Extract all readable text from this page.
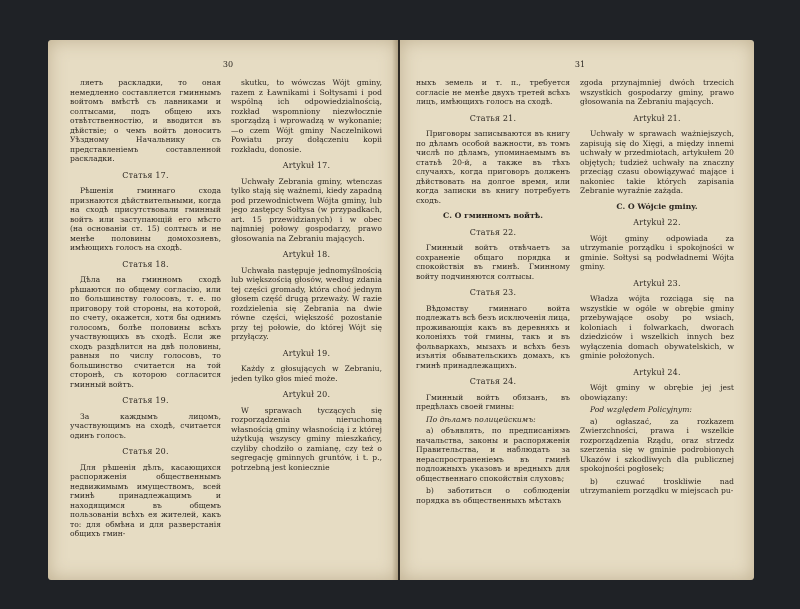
30

ляетъ раскладки, то оная немедленно составляется гминнымъ войтомъ вмѣстѣ съ лавниками и солтысами, подъ общею ихъ отвѣтственностію, и вводится въ дѣйствіе; о чемъ войтъ доноситъ Уѣздному Начальнику съ представленіемъ составленной раскладки.

Статья 17.

Рѣшенія гминнаго схода признаются дѣйствительными, когда на сходѣ присутствовали гминный войтъ или заступающій его мѣсто (на основаніи ст. 15) солтысъ и не менѣе половины домохозяевъ, имѣющихъ голосъ на сходѣ.

Статья 18.

Дѣла на гминномъ сходѣ рѣшаются по общему согласію, или по большинству голосовъ, т. е. по приговору той стороны, на которой, по счету, окажется, хотя бы однимъ голосомъ, болѣе половины всѣхъ участвующихъ въ сходѣ. Если же сходъ раздѣлится на двѣ половины, равныя по числу голосовъ, то большинство считается на той сторонѣ, съ которою согласится гминный войтъ.

Статья 19.

За каждымъ лицомъ, участвующимъ на сходѣ, считается одинъ голосъ.

Статья 20.

Для рѣшенія дѣлъ, касающихся распоряженія общественнымъ недвижимымъ имуществомъ, всей гминѣ принадлежащимъ и находящимся въ общемъ пользованіи всѣхъ ея жителей, какъ то: для обмѣна и для разверстанія общихъ гмин-

skutku, to wówczas Wójt gminy, razem z Ławnikami i Sołtysami i pod wspólną ich odpowiedzialnością, rozkład wspomniony niezwłocznie sporządzą i wprowadzą w wykonanie;—o czem Wójt gminy Naczelnikowi Powiatu przy dołączeniu kopii rozkładu, donosie.

Artykuł 17.

Uchwały Zebrania gminy, wtenczas tylko stają się ważnemi, kiedy zapadną pod przewodnictwem Wójta gminy, lub jego zastępcy Sołtysa (w przypadkach, art. 15 przewidzianych) i w obec najmniej połowy gospodarzy, prawo głosowania na Zebraniu mających.

Artykuł 18.

Uchwała następuje jednomyślnością lub większością głosów, według zdania tej części gromady, która choć jednym głosem część drugą przeważy. W razie rozdzielenia się Zebrania na dwie równe części, większość pozostanie przy tej połowie, do której Wójt się przyłączy.

Artykuł 19.

Każdy z głosujących w Zebraniu, jeden tylko głos mieć może.

Artykuł 20.

W sprawach tyczących się rozporządzenia nieruchomą własnością gminy własnością i z której użytkują wszyscy gminy mieszkańcy, czyliby chodziło o zamianę, czy też o segregację gminnych gruntów, i t. p., potrzebną jest koniecznie

31

ныхъ земель и т. п., требуется согласіе не менѣе двухъ третей всѣхъ лицъ, имѣющихъ голосъ на сходѣ.

Статья 21.

Приговоры записываются въ книгу по дѣламъ особой важности, въ томъ числѣ по дѣламъ, упоминаемымъ въ статьѣ 20-й, а также въ тѣхъ случаяхъ, когда приговоръ долженъ дѣйствовать на долгое время, или когда записки въ книгу потребуетъ сходъ.

С. О гминномъ войтѣ.
Статья 22.

Гминный войтъ отвѣчаетъ за сохраненіе общаго порядка и спокойствія въ гминѣ. Гминному войту подчиняются солтысы.

Статья 23.

Вѣдомству гминнаго войта подлежатъ всѣ безъ исключенія лица, проживающія какъ въ деревняхъ и колоніяхъ той гмины, такъ и въ фольваркахъ, мызахъ и всѣхъ безъ изъятія обывательскихъ домахъ, къ гминѣ принадлежащихъ.

Статья 24.

Гминный войтъ обязанъ, въ предѣлахъ своей гмины:

По дѣламъ полицейскимъ:

а) объявлять, по предписаніямъ начальства, законы и распоряженія Правительства, и наблюдать за нераспространеніемъ въ гминѣ подложныхъ указовъ и вредныхъ для общественнаго спокойствія слуховъ;

b) заботиться о соблюденіи порядка въ общественныхъ мѣстахъ

zgoda przynajmniej dwóch trzecich wszystkich gospodarzy gminy, prawo głosowania na Zebraniu mających.

Artykuł 21.

Uchwały w sprawach ważniejszych, zapisują się do Xięgi, a między innemi uchwały w przedmiotach, artykułem 20 objętych; tudzież uchwały na znaczny przeciąg czasu obowiązywać mające i nakoniec takie których zapisania Zebranie wyraźnie zażąda.

C. O Wójcie gminy.
Artykuł 22.

Wójt gminy odpowiada za utrzymanie porządku i spokojności w gminie. Sołtysi są podwładnemi Wójta gminy.

Artykuł 23.

Władza wójta rozciąga się na wszystkie w ogóle w obrębie gminy przebywające osoby po wsiach, koloniach i folwarkach, dworach dziedziców i wszelkich innych bez wyłączenia domach obywatelskich, w gminie położonych.

Artykuł 24.

Wójt gminy w obrębie jej jest obowiązany:

Pod względem Policyjnym:

a) ogłaszać, za rozkazem Zwierzchności, prawa i wszelkie rozporządzenia Rządu, oraz strzedz szerzenia się w gminie podrobionych Ukazów i szkodliwych dla publicznej spokojności pogłosek;

b) czuwać troskliwie nad utrzymaniem porządku w miejscach pu-
